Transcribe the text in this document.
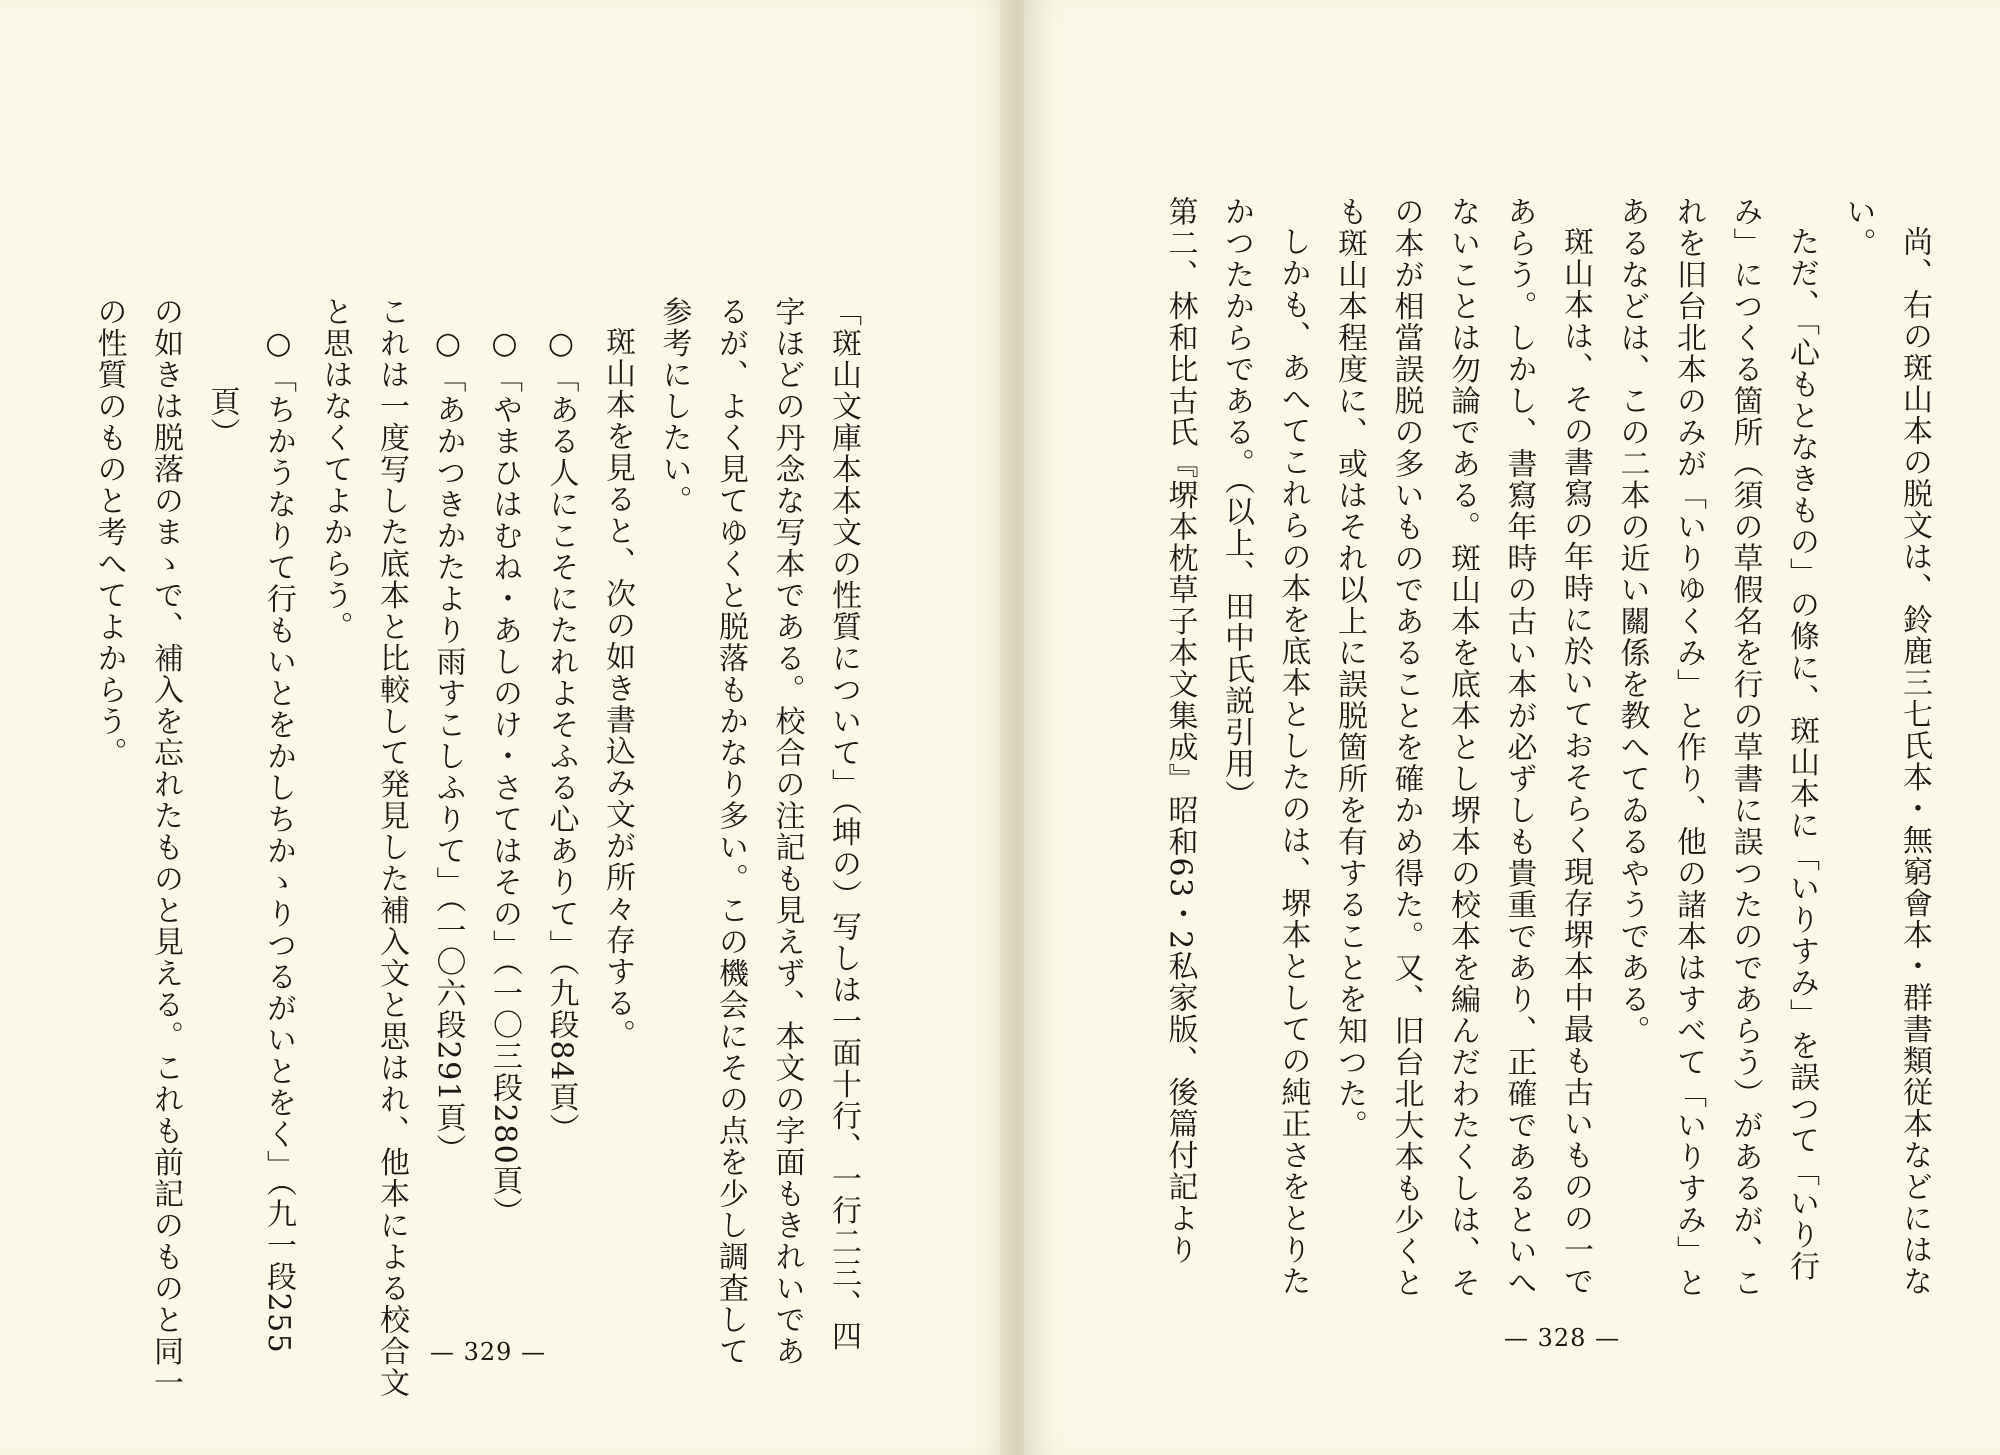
「斑山文庫本本文の性質について」（坤の）写しは一面十行、一行二三、四
字ほどの丹念な写本である。校合の注記も見えず、本文の字面もきれいであ
るが、よく見てゆくと脱落もかなり多い。この機会にその点を少し調査して
参考にしたい。
斑山本を見ると、次の如き書込み文が所々存する。
○「ある人にこそにたれよそふる心ありて」（九段84頁）
○「やまひはむね・あしのけ・さてはその」（一〇三段280頁）
○「あかつきかたより雨すこしふりて」（一〇六段291頁）
これは一度写した底本と比較して発見した補入文と思はれ、他本による校合文
と思はなくてよからう。
○「ちかうなりて行もいとをかしちかゝりつるがいとをく」（九一段255
頁）
の如きは脱落のまゝで、補入を忘れたものと見える。これも前記のものと同一
の性質のものと考へてよからう。
— 329 —
尚、右の斑山本の脱文は、鈴鹿三七氏本・無窮會本・群書類従本などにはな
い。
ただ、「心もとなきもの」の條に、斑山本に「いりすみ」を誤つて「いり行
み」につくる箇所（須の草假名を行の草書に誤つたのであらう）があるが、こ
れを旧台北本のみが「いりゆくみ」と作り、他の諸本はすべて「いりすみ」と
あるなどは、この二本の近い關係を教へてゐるやうである。
斑山本は、その書寫の年時に於いておそらく現存堺本中最も古いものの一で
あらう。しかし、書寫年時の古い本が必ずしも貴重であり、正確であるといへ
ないことは勿論である。斑山本を底本とし堺本の校本を編んだわたくしは、そ
の本が相當誤脱の多いものであることを確かめ得た。又、旧台北大本も少くと
も斑山本程度に、或はそれ以上に誤脱箇所を有することを知つた。
しかも、あへてこれらの本を底本としたのは、堺本としての純正さをとりた
かつたからである。（以上、田中氏説引用）
第二、林和比古氏『堺本枕草子本文集成』昭和63・2私家版、後篇付記より
— 328 —
